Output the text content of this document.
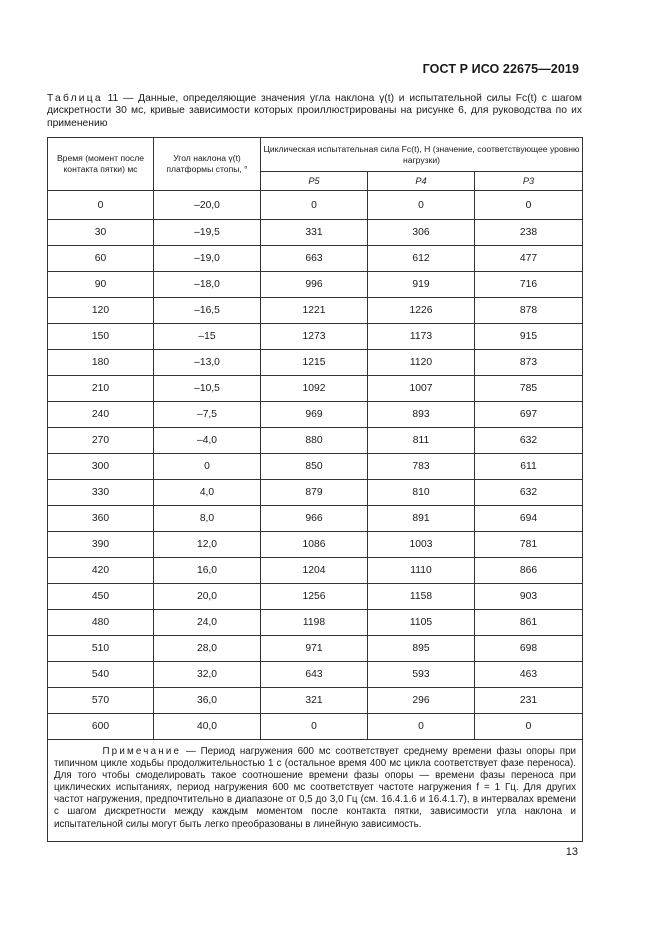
ГОСТ Р ИСО 22675—2019
Таблица 11 — Данные, определяющие значения угла наклона γ(t) и испытательной силы Fc(t) с шагом дискретности 30 мс, кривые зависимости которых проиллюстрированы на рисунке 6, для руководства по их применению
Время (момент после контакта пятки) мс	Угол наклона γ(t) платформы стопы, °	Циклическая испытательная сила Fc(t), Н (значение, соответствующее уровню нагрузки)		
		P5	P4	P3
0	–20,0	0	0	0
30	–19,5	331	306	238
60	–19,0	663	612	477
90	–18,0	996	919	716
120	–16,5	1221	1226	878
150	–15	1273	1173	915
180	–13,0	1215	1120	873
210	–10,5	1092	1007	785
240	–7,5	969	893	697
270	–4,0	880	811	632
300	0	850	783	611
330	4,0	879	810	632
360	8,0	966	891	694
390	12,0	1086	1003	781
420	16,0	1204	1110	866
450	20,0	1256	1158	903
480	24,0	1198	1105	861
510	28,0	971	895	698
540	32,0	643	593	463
570	36,0	321	296	231
600	40,0	0	0	0
Примечание — Период нагружения 600 мс соответствует среднему времени фазы опоры при типичном цикле ходьбы продолжительностью 1 с (остальное время 400 мс цикла соответствует фазе переноса). Для того чтобы смоделировать такое соотношение времени фазы опоры — времени фазы переноса при циклических испытаниях, период нагружения 600 мс соответствует частоте нагружения f = 1 Гц. Для других частот нагружения, предпочтительно в диапазоне от 0,5 до 3,0 Гц (см. 16.4.1.6 и 16.4.1.7), в интервалах времени с шагом дискретности между каждым моментом после контакта пятки, зависимости угла наклона и испытательной силы могут быть легко преобразованы в линейную зависимость.				
13
